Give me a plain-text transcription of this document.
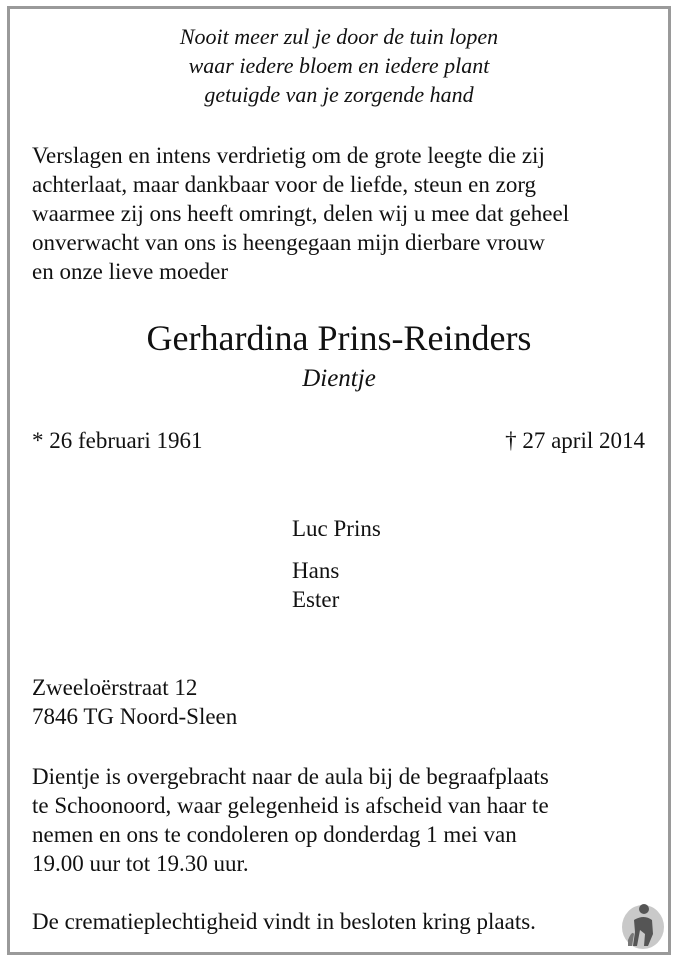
Nooit meer zul je door de tuin lopen
waar iedere bloem en iedere plant
getuigde van je zorgende hand
Verslagen en intens verdrietig om de grote leegte die zij
achterlaat, maar dankbaar voor de liefde, steun en zorg
waarmee zij ons heeft omringt, delen wij u mee dat geheel
onverwacht van ons is heengegaan mijn dierbare vrouw
en onze lieve moeder
Gerhardina Prins-Reinders
Dientje
* 26 februari 1961	† 27 april 2014
Luc Prins
Hans
Ester
Zweeloërstraat 12
7846 TG Noord-Sleen
Dientje is overgebracht naar de aula bij de begraafplaats
te Schoonoord, waar gelegenheid is afscheid van haar te
nemen en ons te condoleren op donderdag 1 mei van
19.00 uur tot 19.30 uur.
De crematieplechtigheid vindt in besloten kring plaats.
